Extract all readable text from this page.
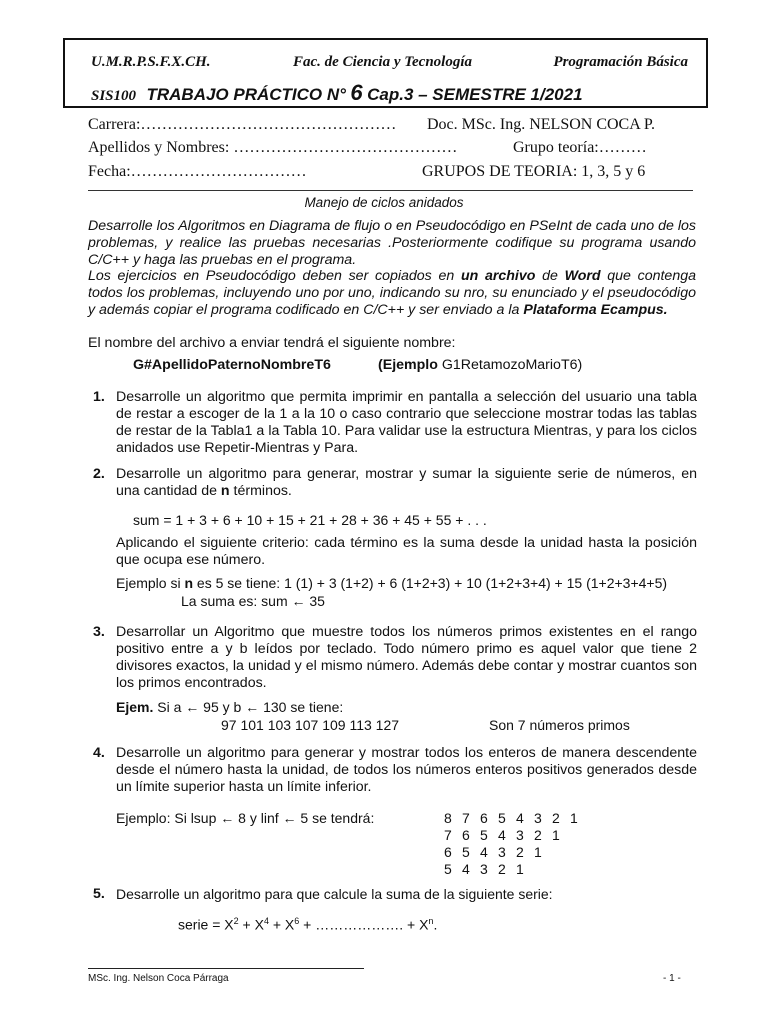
U.M.R.P.S.F.X.CH.	Fac. de Ciencia y Tecnología	Programación Básica
SIS100 TRABAJO PRÁCTICO N° 6 Cap.3 – SEMESTRE 1/2021
Carrera:………………………………………… Doc. MSc. Ing. NELSON COCA P.
Apellidos y Nombres: ……………………………………	Grupo teoría:………
Fecha:……………………………	GRUPOS DE TEORIA: 1, 3, 5 y 6
Manejo de ciclos anidados

Desarrolle los Algoritmos en Diagrama de flujo o en Pseudocódigo en PSeInt de cada uno de los problemas, y realice las pruebas necesarias .Posteriormente codifique su programa usando C/C++ y haga las pruebas en el programa.

Los ejercicios en Pseudocódigo deben ser copiados en un archivo de Word que contenga todos los problemas, incluyendo uno por uno, indicando su nro, su enunciado y el pseudocódigo y además copiar el programa codificado en C/C++ y ser enviado a la Plataforma Ecampus.

El nombre del archivo a enviar tendrá el siguiente nombre:
G#ApellidoPaternoNombreT6	(Ejemplo G1RetamozoMarioT6)
1. Desarrolle un algoritmo que permita imprimir en pantalla a selección del usuario una tabla de restar a escoger de la 1 a la 10 o caso contrario que seleccione mostrar todas las tablas de restar de la Tabla1 a la Tabla 10. Para validar use la estructura Mientras, y para los ciclos anidados use Repetir-Mientras y Para.

2. Desarrolle un algoritmo para generar, mostrar y sumar la siguiente serie de números, en una cantidad de n términos.

sum = 1 + 3 + 6 + 10 + 15 + 21 + 28 + 36 + 45 + 55 + . . .

Aplicando el siguiente criterio: cada término es la suma desde la unidad hasta la posición que ocupa ese número.

Ejemplo si n es 5 se tiene: 1 (1) + 3 (1+2) + 6 (1+2+3) + 10 (1+2+3+4) + 15 (1+2+3+4+5)
La suma es: sum ← 35
3. Desarrollar un Algoritmo que muestre todos los números primos existentes en el rango positivo entre a y b leídos por teclado. Todo número primo es aquel valor que tiene 2 divisores exactos, la unidad y el mismo número. Además debe contar y mostrar cuantos son los primos encontrados.

Ejem. Si a ← 95 y b ← 130 se tiene:
97 101 103 107 109 113 127	Son 7 números primos
4. Desarrolle un algoritmo para generar y mostrar todos los enteros de manera descendente desde el número hasta la unidad, de todos los números enteros positivos generados desde un límite superior hasta un límite inferior.

Ejemplo: Si lsup ← 8 y linf ← 5 se tendrá:	8 7 6 5 4 3 2 1
7 6 5 4 3 2 1
6 5 4 3 2 1
5 4 3 2 1
5. Desarrolle un algoritmo para que calcule la suma de la siguiente serie:
serie = $X^2 + X^4 + X^6$ + ………………. + $X^n$.
MSc. Ing. Nelson Coca Párraga	- 1 -
